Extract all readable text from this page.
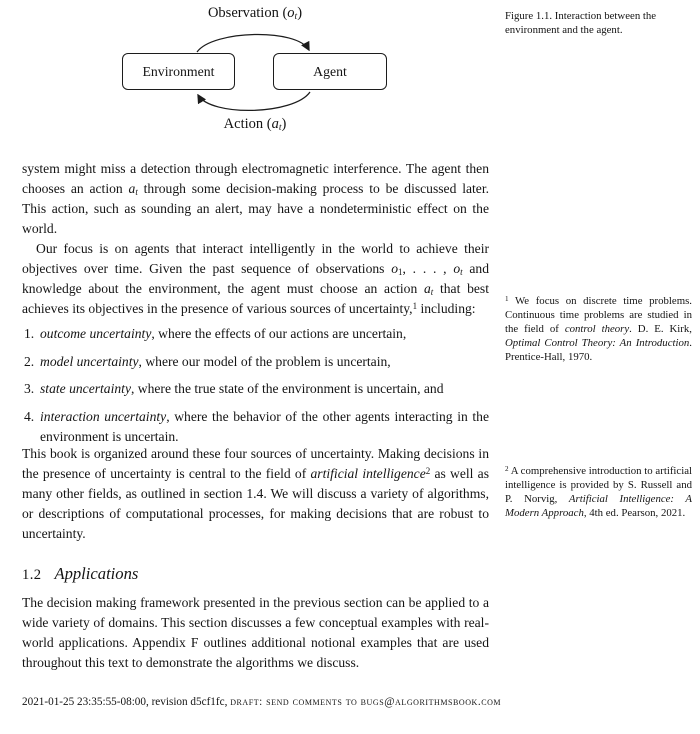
Observation $(o_t)$
Environment	Agent
Action $(a_t)$
Figure 1.1. Interaction between the environment and the agent.
system might miss a detection through electromagnetic interference. The agent then chooses an action $a_t$ through some decision-making process to be discussed later. This action, such as sounding an alert, may have a nondeterministic effect on the world.
Our focus is on agents that interact intelligently in the world to achieve their objectives over time. Given the past sequence of observations $o_1$, . . . , $o_t$ and knowledge about the environment, the agent must choose an action $a_t$ that best achieves its objectives in the presence of various sources of uncertainty,$^1$ including:
1. outcome uncertainty, where the effects of our actions are uncertain,
2. model uncertainty, where our model of the problem is uncertain,
3. state uncertainty, where the true state of the environment is uncertain, and
4. interaction uncertainty, where the behavior of the other agents interacting in the environment is uncertain.
This book is organized around these four sources of uncertainty. Making decisions in the presence of uncertainty is central to the field of artificial intelligence$^2$ as well as many other fields, as outlined in section 1.4. We will discuss a variety of algorithms, or descriptions of computational processes, for making decisions that are robust to uncertainty.
1.2 Applications
The decision making framework presented in the previous section can be applied to a wide variety of domains. This section discusses a few conceptual examples with real-world applications. Appendix F outlines additional notional examples that are used throughout this text to demonstrate the algorithms we discuss.
$^1$ We focus on discrete time problems. Continuous time problems are studied in the field of control theory. D. E. Kirk, Optimal Control Theory: An Introduction. Prentice-Hall, 1970.
$^2$ A comprehensive introduction to artificial intelligence is provided by S. Russell and P. Norvig, Artificial Intelligence: A Modern Approach, 4th ed. Pearson, 2021.
2021-01-25 23:35:55-08:00, revision d5cf1fc, draft: send comments to bugs@algorithmsbook.com
